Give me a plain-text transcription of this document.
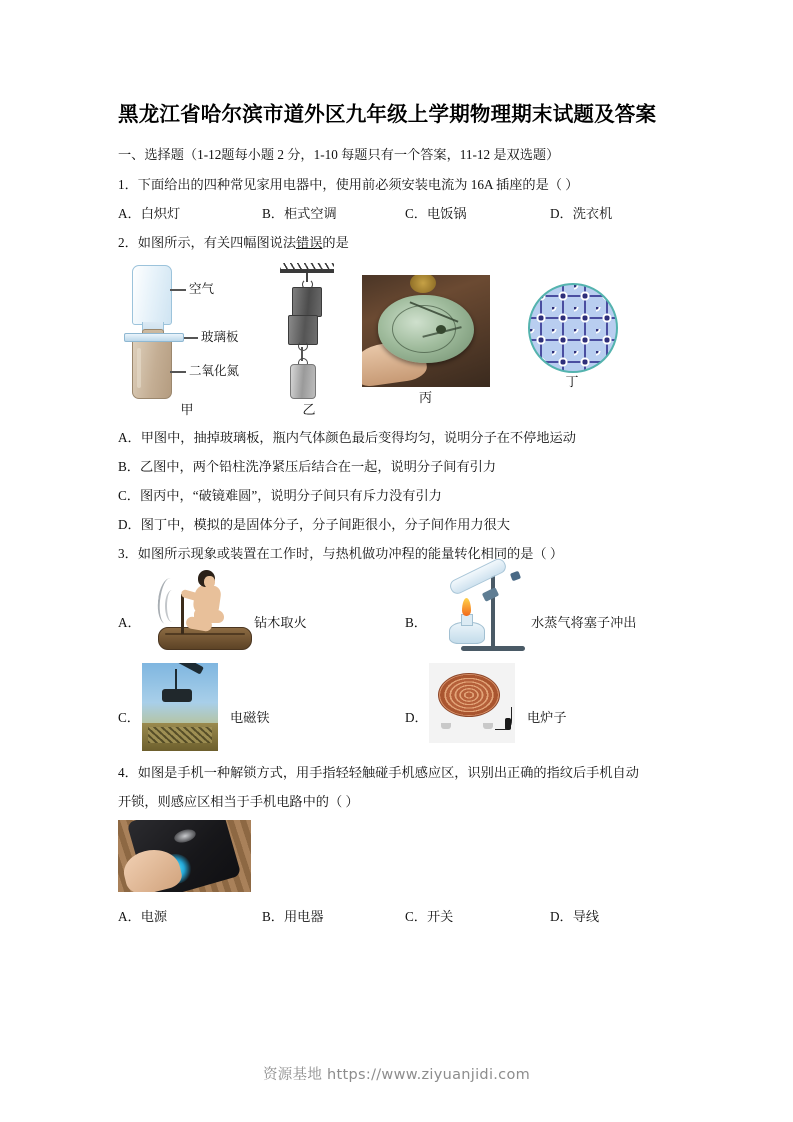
黑龙江省哈尔滨市道外区九年级上学期物理期末试题及答案

一、选择题（1-12题每小题 2 分，1-10 每题只有一个答案，11-12 是双选题）

1．下面给出的四种常见家用电器中，使用前必须安装电流为 16A 插座的是（ ）

A．白炽灯	B．柜式空调	C．电饭锅	D．洗衣机

2．如图所示，有关四幅图说法错误的是

空气
玻璃板
二氧化氮
甲	乙
丙
丁

A．甲图中，抽掉玻璃板，瓶内气体颜色最后变得均匀，说明分子在不停地运动

B．乙图中，两个铅柱洗净紧压后结合在一起，说明分子间有引力

C．图丙中，“破镜难圆”，说明分子间只有斥力没有引力

D．图丁中，模拟的是固体分子，分子间距很小，分子间作用力很大

3．如图所示现象或装置在工作时，与热机做功冲程的能量转化相同的是（ ）

A．	钻木取火	B．	水蒸气将塞子冲出
C．	电磁铁	D．	电炉子

4．如图是手机一种解锁方式，用手指轻轻触碰手机感应区，识别出正确的指纹后手机自动

开锁，则感应区相当于手机电路中的（ ）

A．电源	B．用电器	C．开关	D．导线
资源基地 https://www.ziyuanjidi.com
